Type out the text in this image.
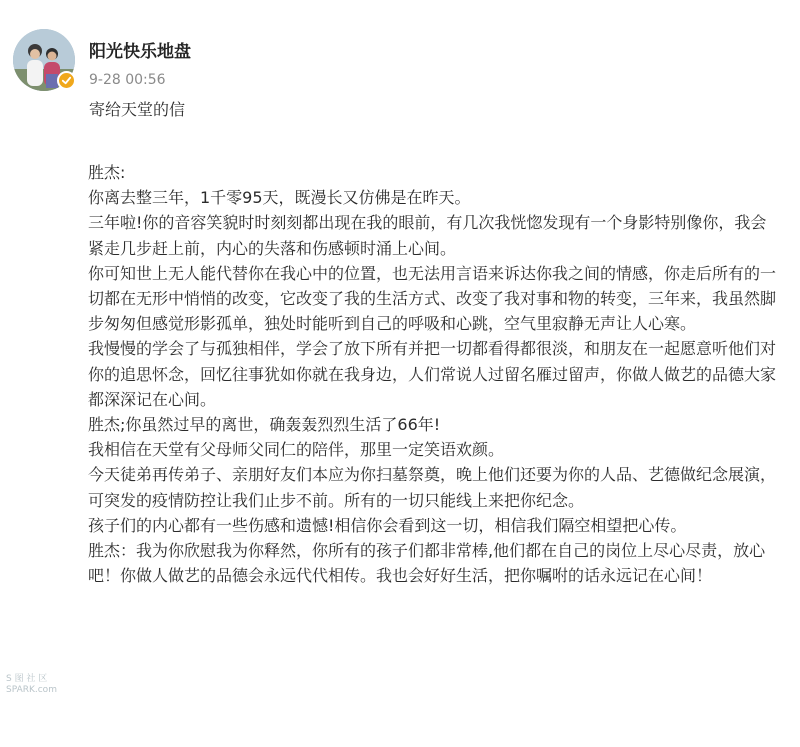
阳光快乐地盘
9-28 00:56
寄给天堂的信

胜杰:

你离去整三年，1千零95天，既漫长又仿佛是在昨天。

三年啦!你的音容笑貌时时刻刻都出现在我的眼前，有几次我恍惚发现有一个身影特别像你，我会紧走几步赶上前，内心的失落和伤感顿时涌上心间。

你可知世上无人能代替你在我心中的位置，也无法用言语来诉达你我之间的情感，你走后所有的一切都在无形中悄悄的改变，它改变了我的生活方式、改变了我对事和物的转变，三年来，我虽然脚步匆匆但感觉形影孤单，独处时能听到自己的呼吸和心跳，空气里寂静无声让人心寒。

我慢慢的学会了与孤独相伴，学会了放下所有并把一切都看得都很淡，和朋友在一起愿意听他们对你的追思怀念，回忆往事犹如你就在我身边，人们常说人过留名雁过留声，你做人做艺的品德大家都深深记在心间。

胜杰;你虽然过早的离世，确轰轰烈烈生活了66年!

我相信在天堂有父母师父同仁的陪伴，那里一定笑语欢颜。

今天徒弟再传弟子、亲朋好友们本应为你扫墓祭奠，晚上他们还要为你的人品、艺德做纪念展演，可突发的疫情防控让我们止步不前。所有的一切只能线上来把你纪念。

孩子们的内心都有一些伤感和遗憾!相信你会看到这一切，相信我们隔空相望把心传。

胜杰：我为你欣慰我为你释然，你所有的孩子们都非常棒,他们都在自己的岗位上尽心尽责，放心吧！你做人做艺的品德会永远代代相传。我也会好好生活，把你嘱咐的话永远记在心间！

S 图 社 区
SPARK.com
